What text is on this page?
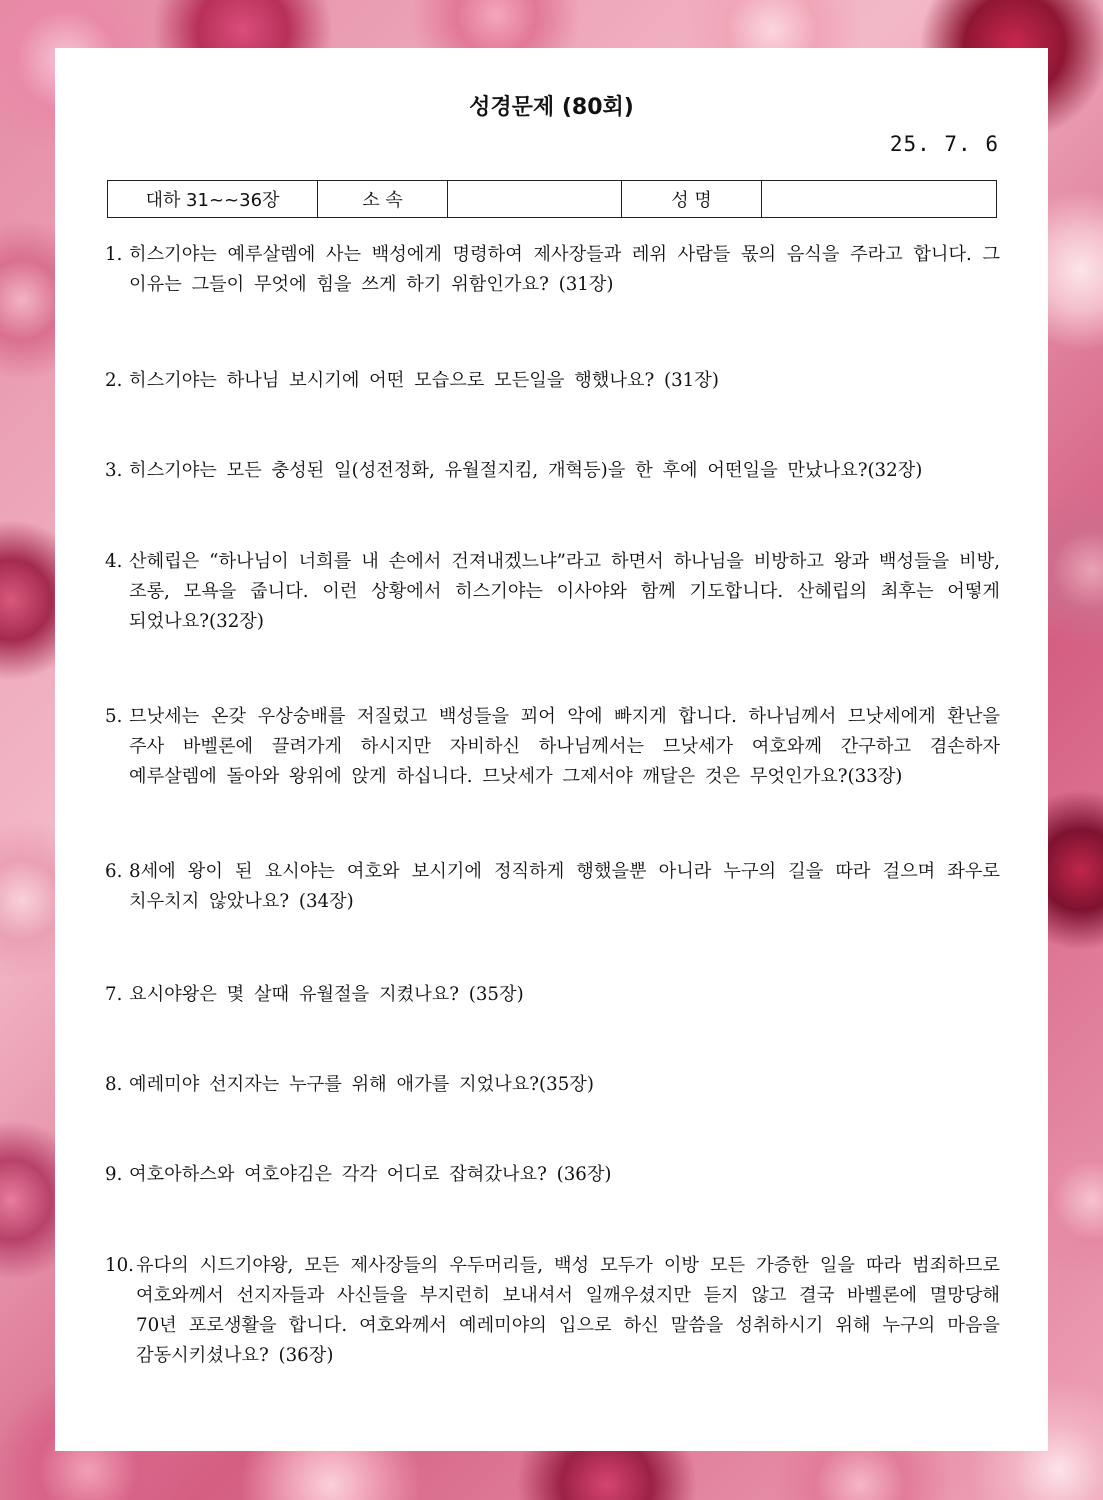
성경문제 (80회)
25. 7. 6
대하 31~~36장	소 속		성 명	
1. 히스기야는 예루살렘에 사는 백성에게 명령하여 제사장들과 레위 사람들 몫의 음식을 주라고 합니다. 그 이유는 그들이 무엇에 힘을 쓰게 하기 위함인가요? (31장)
2. 히스기야는 하나님 보시기에 어떤 모습으로 모든일을 행했나요? (31장)
3. 히스기야는 모든 충성된 일(성전정화, 유월절지킴, 개혁등)을 한 후에 어떤일을 만났나요?(32장)
4. 산헤립은 “하나님이 너희를 내 손에서 건져내겠느냐”라고 하면서 하나님을 비방하고 왕과 백성들을 비방, 조롱, 모욕을 줍니다. 이런 상황에서 히스기야는 이사야와 함께 기도합니다. 산헤립의 최후는 어떻게 되었나요?(32장)
5. 므낫세는 온갖 우상숭배를 저질렀고 백성들을 꾀어 악에 빠지게 합니다. 하나님께서 므낫세에게 환난을 주사 바벨론에 끌려가게 하시지만 자비하신 하나님께서는 므낫세가 여호와께 간구하고 겸손하자 예루살렘에 돌아와 왕위에 앉게 하십니다. 므낫세가 그제서야 깨달은 것은 무엇인가요?(33장)
6. 8세에 왕이 된 요시야는 여호와 보시기에 정직하게 행했을뿐 아니라 누구의 길을 따라 걸으며 좌우로 치우치지 않았나요? (34장)
7. 요시야왕은 몇 살때 유월절을 지켰나요? (35장)
8. 예레미야 선지자는 누구를 위해 애가를 지었나요?(35장)
9. 여호아하스와 여호야김은 각각 어디로 잡혀갔나요? (36장)
10. 유다의 시드기야왕, 모든 제사장들의 우두머리들, 백성 모두가 이방 모든 가증한 일을 따라 범죄하므로 여호와께서 선지자들과 사신들을 부지런히 보내셔서 일깨우셨지만 듣지 않고 결국 바벨론에 멸망당해 70년 포로생활을 합니다. 여호와께서 예레미야의 입으로 하신 말씀을 성취하시기 위해 누구의 마음을 감동시키셨나요? (36장)
